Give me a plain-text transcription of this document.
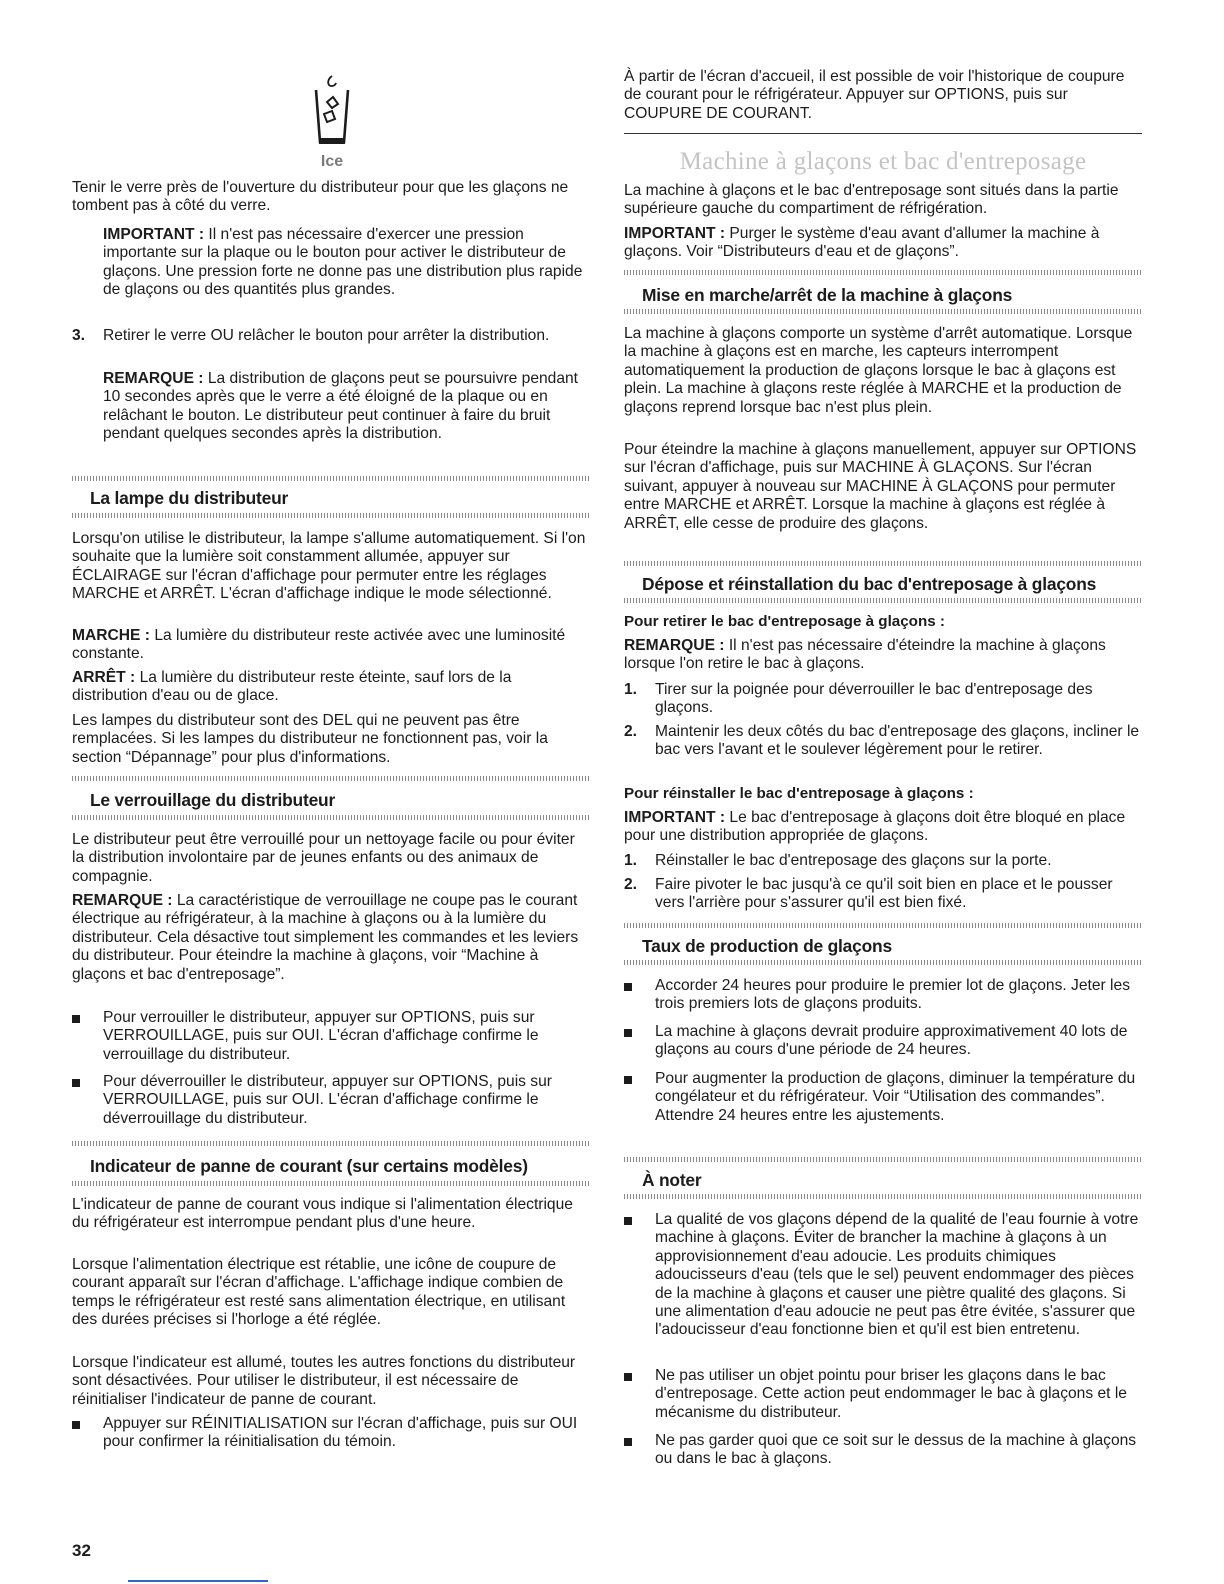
Ice

Tenir le verre près de l'ouverture du distributeur pour que les glaçons ne tombent pas à côté du verre.

IMPORTANT : Il n'est pas nécessaire d'exercer une pression importante sur la plaque ou le bouton pour activer le distributeur de glaçons. Une pression forte ne donne pas une distribution plus rapide de glaçons ou des quantités plus grandes.

3. Retirer le verre OU relâcher le bouton pour arrêter la distribution.

REMARQUE : La distribution de glaçons peut se poursuivre pendant 10 secondes après que le verre a été éloigné de la plaque ou en relâchant le bouton. Le distributeur peut continuer à faire du bruit pendant quelques secondes après la distribution.

La lampe du distributeur

Lorsqu'on utilise le distributeur, la lampe s'allume automatiquement. Si l'on souhaite que la lumière soit constamment allumée, appuyer sur ÉCLAIRAGE sur l'écran d'affichage pour permuter entre les réglages MARCHE et ARRÊT. L'écran d'affichage indique le mode sélectionné.

MARCHE : La lumière du distributeur reste activée avec une luminosité constante.

ARRÊT : La lumière du distributeur reste éteinte, sauf lors de la distribution d'eau ou de glace.

Les lampes du distributeur sont des DEL qui ne peuvent pas être remplacées. Si les lampes du distributeur ne fonctionnent pas, voir la section “Dépannage” pour plus d'informations.

Le verrouillage du distributeur

Le distributeur peut être verrouillé pour un nettoyage facile ou pour éviter la distribution involontaire par de jeunes enfants ou des animaux de compagnie.

REMARQUE : La caractéristique de verrouillage ne coupe pas le courant électrique au réfrigérateur, à la machine à glaçons ou à la lumière du distributeur. Cela désactive tout simplement les commandes et les leviers du distributeur. Pour éteindre la machine à glaçons, voir “Machine à glaçons et bac d'entreposage”.

Pour verrouiller le distributeur, appuyer sur OPTIONS, puis sur VERROUILLAGE, puis sur OUI. L'écran d'affichage confirme le verrouillage du distributeur.

Pour déverrouiller le distributeur, appuyer sur OPTIONS, puis sur VERROUILLAGE, puis sur OUI. L'écran d'affichage confirme le déverrouillage du distributeur.

Indicateur de panne de courant (sur certains modèles)

L'indicateur de panne de courant vous indique si l'alimentation électrique du réfrigérateur est interrompue pendant plus d'une heure.

Lorsque l'alimentation électrique est rétablie, une icône de coupure de courant apparaît sur l'écran d'affichage. L'affichage indique combien de temps le réfrigérateur est resté sans alimentation électrique, en utilisant des durées précises si l'horloge a été réglée.

Lorsque l'indicateur est allumé, toutes les autres fonctions du distributeur sont désactivées. Pour utiliser le distributeur, il est nécessaire de réinitialiser l'indicateur de panne de courant.

Appuyer sur RÉINITIALISATION sur l'écran d'affichage, puis sur OUI pour confirmer la réinitialisation du témoin.

À partir de l'écran d'accueil, il est possible de voir l'historique de coupure de courant pour le réfrigérateur. Appuyer sur OPTIONS, puis sur COUPURE DE COURANT.

Machine à glaçons et bac d'entreposage

La machine à glaçons et le bac d'entreposage sont situés dans la partie supérieure gauche du compartiment de réfrigération.

IMPORTANT : Purger le système d'eau avant d'allumer la machine à glaçons. Voir “Distributeurs d'eau et de glaçons”.

Mise en marche/arrêt de la machine à glaçons

La machine à glaçons comporte un système d'arrêt automatique. Lorsque la machine à glaçons est en marche, les capteurs interrompent automatiquement la production de glaçons lorsque le bac à glaçons est plein. La machine à glaçons reste réglée à MARCHE et la production de glaçons reprend lorsque bac n'est plus plein.

Pour éteindre la machine à glaçons manuellement, appuyer sur OPTIONS sur l'écran d'affichage, puis sur MACHINE À GLAÇONS. Sur l'écran suivant, appuyer à nouveau sur MACHINE À GLAÇONS pour permuter entre MARCHE et ARRÊT. Lorsque la machine à glaçons est réglée à ARRÊT, elle cesse de produire des glaçons.

Dépose et réinstallation du bac d'entreposage à glaçons

Pour retirer le bac d'entreposage à glaçons :

REMARQUE : Il n'est pas nécessaire d'éteindre la machine à glaçons lorsque l'on retire le bac à glaçons.

1. Tirer sur la poignée pour déverrouiller le bac d'entreposage des glaçons.

2. Maintenir les deux côtés du bac d'entreposage des glaçons, incliner le bac vers l'avant et le soulever légèrement pour le retirer.

Pour réinstaller le bac d'entreposage à glaçons :

IMPORTANT : Le bac d'entreposage à glaçons doit être bloqué en place pour une distribution appropriée de glaçons.

1. Réinstaller le bac d'entreposage des glaçons sur la porte.

2. Faire pivoter le bac jusqu'à ce qu'il soit bien en place et le pousser vers l'arrière pour s'assurer qu'il est bien fixé.

Taux de production de glaçons

Accorder 24 heures pour produire le premier lot de glaçons. Jeter les trois premiers lots de glaçons produits.

La machine à glaçons devrait produire approximativement 40 lots de glaçons au cours d'une période de 24 heures.

Pour augmenter la production de glaçons, diminuer la température du congélateur et du réfrigérateur. Voir “Utilisation des commandes”. Attendre 24 heures entre les ajustements.

À noter

La qualité de vos glaçons dépend de la qualité de l'eau fournie à votre machine à glaçons. Éviter de brancher la machine à glaçons à un approvisionnement d'eau adoucie. Les produits chimiques adoucisseurs d'eau (tels que le sel) peuvent endommager des pièces de la machine à glaçons et causer une piètre qualité des glaçons. Si une alimentation d'eau adoucie ne peut pas être évitée, s'assurer que l'adoucisseur d'eau fonctionne bien et qu'il est bien entretenu.

Ne pas utiliser un objet pointu pour briser les glaçons dans le bac d'entreposage. Cette action peut endommager le bac à glaçons et le mécanisme du distributeur.

Ne pas garder quoi que ce soit sur le dessus de la machine à glaçons ou dans le bac à glaçons.

32
